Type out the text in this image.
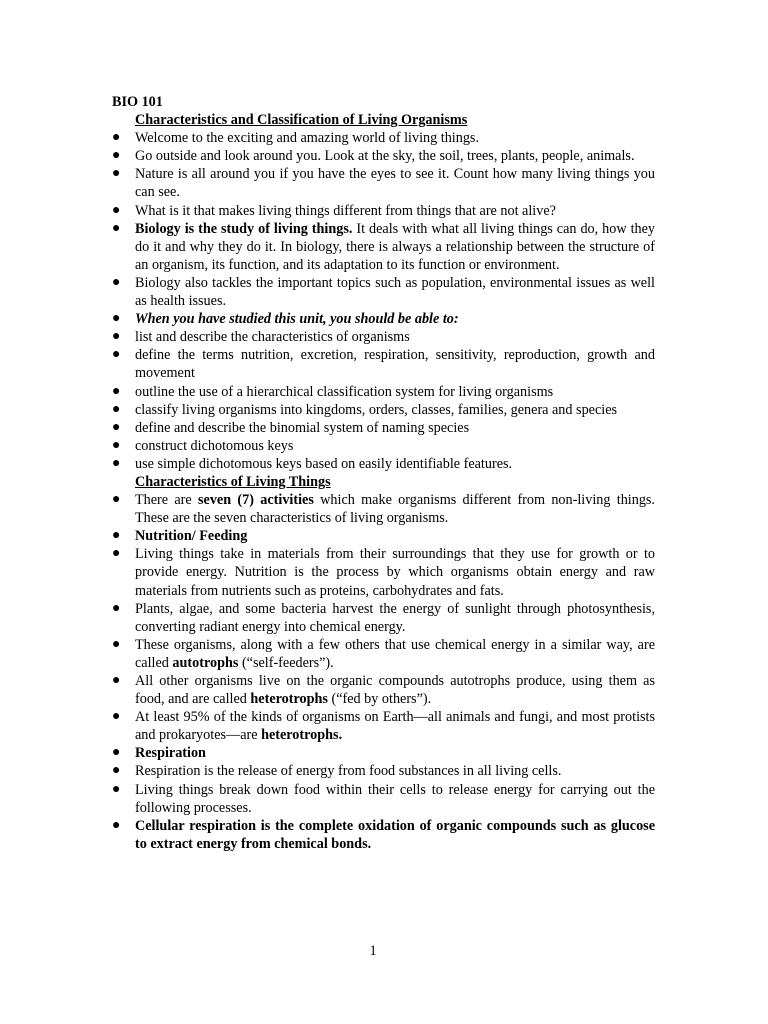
BIO 101
Characteristics and Classification of Living Organisms
●	Welcome to the exciting and amazing world of living things.
●	Go outside and look around you. Look at the sky, the soil, trees, plants, people, animals.
●	Nature is all around you if you have the eyes to see it. Count how many living things you can see.
●	What is it that makes living things different from things that are not alive?
●	Biology is the study of living things. It deals with what all living things can do, how they do it and why they do it. In biology, there is always a relationship between the structure of an organism, its function, and its adaptation to its function or environment.
●	Biology also tackles the important topics such as population, environmental issues as well as health issues.
●	When you have studied this unit, you should be able to:
●	list and describe the characteristics of organisms
●	define the terms nutrition, excretion, respiration, sensitivity, reproduction, growth and movement
●	outline the use of a hierarchical classification system for living organisms
●	classify living organisms into kingdoms, orders, classes, families, genera and species
●	define and describe the binomial system of naming species
●	construct dichotomous keys
●	use simple dichotomous keys based on easily identifiable features.
Characteristics of Living Things
●	There are seven (7) activities which make organisms different from non-living things. These are the seven characteristics of living organisms.
●	Nutrition/ Feeding
●	Living things take in materials from their surroundings that they use for growth or to provide energy. Nutrition is the process by which organisms obtain energy and raw materials from nutrients such as proteins, carbohydrates and fats.
●	Plants, algae, and some bacteria harvest the energy of sunlight through photosynthesis, converting radiant energy into chemical energy.
●	These organisms, along with a few others that use chemical energy in a similar way, are called autotrophs (“self-feeders”).
●	All other organisms live on the organic compounds autotrophs produce, using them as food, and are called heterotrophs (“fed by others”).
●	At least 95% of the kinds of organisms on Earth—all animals and fungi, and most protists and prokaryotes—are heterotrophs.
●	Respiration
●	Respiration is the release of energy from food substances in all living cells.
●	Living things break down food within their cells to release energy for carrying out the following processes.
●	Cellular respiration is the complete oxidation of organic compounds such as glucose to extract energy from chemical bonds.
1
